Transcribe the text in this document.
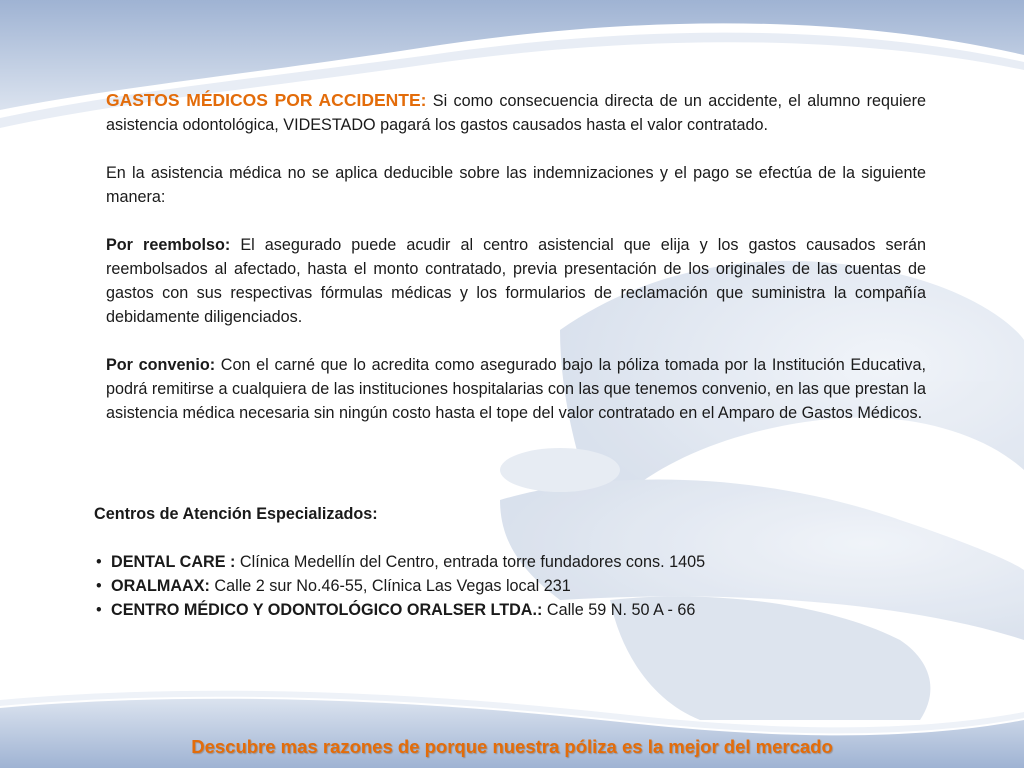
GASTOS MÉDICOS POR ACCIDENTE: Si como consecuencia directa de un accidente, el alumno requiere asistencia odontológica, VIDESTADO pagará los gastos causados hasta el valor contratado.

En la asistencia médica no se aplica deducible sobre las indemnizaciones y el pago se efectúa de la siguiente manera:

Por reembolso: El asegurado puede acudir al centro asistencial que elija y los gastos causados serán reembolsados al afectado, hasta el monto contratado, previa presentación de los originales de las cuentas de gastos con sus respectivas fórmulas médicas y los formularios de reclamación que suministra la compañía debidamente diligenciados.

Por convenio: Con el carné que lo acredita como asegurado bajo la póliza tomada por la Institución Educativa, podrá remitirse a cualquiera de las instituciones hospitalarias con las que tenemos convenio, en las que prestan la asistencia médica necesaria sin ningún costo hasta el tope del valor contratado en el Amparo de Gastos Médicos.

Centros de Atención Especializados:
• DENTAL CARE : Clínica Medellín del Centro, entrada torre fundadores cons. 1405
• ORALMAAX: Calle 2 sur No.46-55, Clínica Las Vegas local 231
• CENTRO MÉDICO Y ODONTOLÓGICO ORALSER LTDA.: Calle 59 N. 50 A - 66
Descubre mas razones de porque nuestra póliza es la mejor del mercado
